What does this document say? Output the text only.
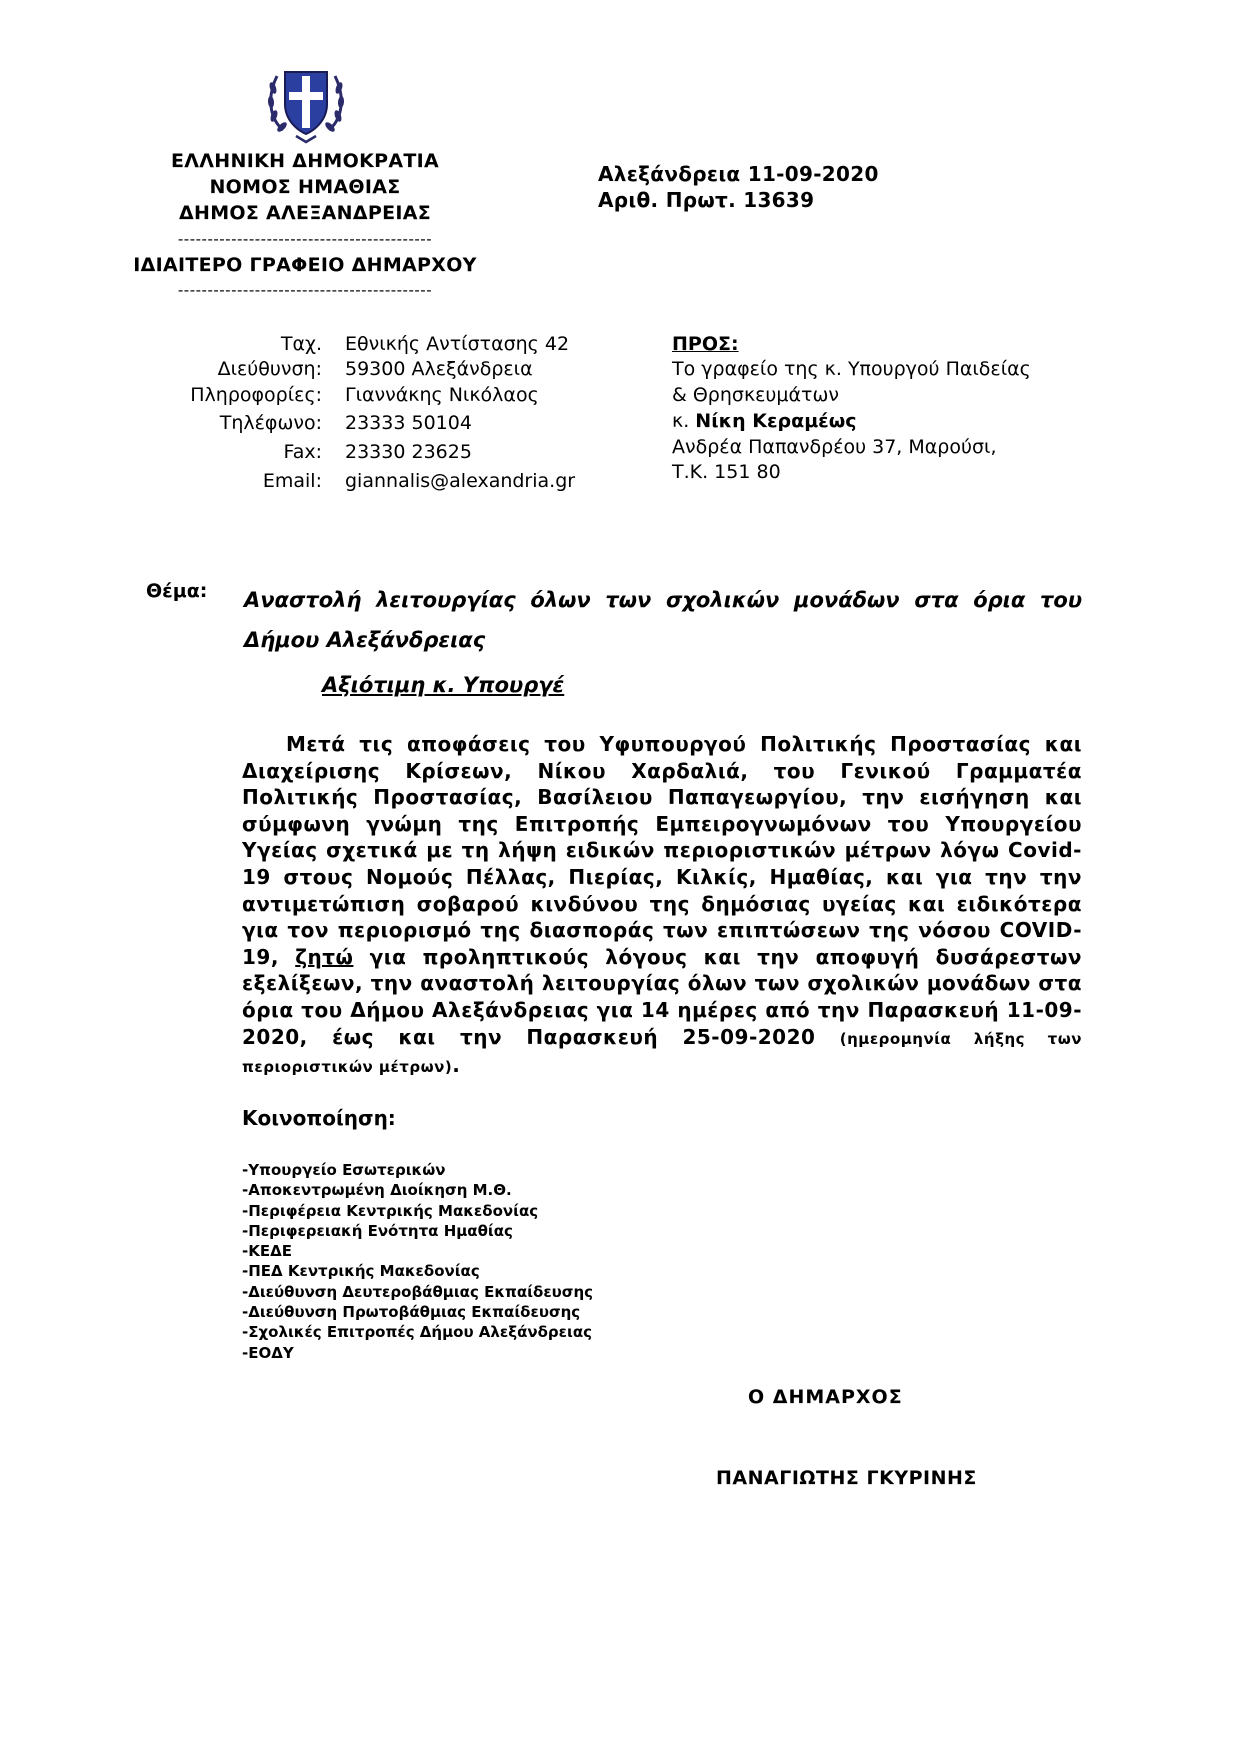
ΕΛΛΗΝΙΚΗ ΔΗΜΟΚΡΑΤΙΑ
ΝΟΜΟΣ ΗΜΑΘΙΑΣ
ΔΗΜΟΣ ΑΛΕΞΑΝΔΡΕΙΑΣ
-------------------------------------------
ΙΔΙΑΙΤΕΡΟ ΓΡΑΦΕΙΟ ΔΗΜΑΡΧΟΥ
-------------------------------------------
Αλεξάνδρεια 11-09-2020
Αριθ. Πρωτ. 13639
Ταχ. Εθνικής Αντίστασης 42
Διεύθυνση: 59300 Αλεξάνδρεια
Πληροφορίες: Γιαννάκης Νικόλαος
Τηλέφωνο: 23333 50104
Fax: 23330 23625
Email: giannalis@alexandria.gr
ΠΡΟΣ:
Το γραφείο της κ. Υπουργού Παιδείας
& Θρησκευμάτων
κ. Νίκη Κεραμέως
Ανδρέα Παπανδρέου 37, Μαρούσι,
Τ.Κ. 151 80
Θέμα: Αναστολή λειτουργίας όλων των σχολικών μονάδων στα όρια του Δήμου Αλεξάνδρειας
Αξιότιμη κ. Υπουργέ
Μετά τις αποφάσεις του Υφυπουργού Πολιτικής Προστασίας και Διαχείρισης Κρίσεων, Νίκου Χαρδαλιά, του Γενικού Γραμματέα Πολιτικής Προστασίας, Βασίλειου Παπαγεωργίου, την εισήγηση και σύμφωνη γνώμη της Επιτροπής Εμπειρογνωμόνων του Υπουργείου Υγείας σχετικά με τη λήψη ειδικών περιοριστικών μέτρων λόγω Covid-19 στους Νομούς Πέλλας, Πιερίας, Κιλκίς, Ημαθίας, και για την την αντιμετώπιση σοβαρού κινδύνου της δημόσιας υγείας και ειδικότερα για τον περιορισμό της διασποράς των επιπτώσεων της νόσου COVID-19, ζητώ για προληπτικούς λόγους και την αποφυγή δυσάρεστων εξελίξεων, την αναστολή λειτουργίας όλων των σχολικών μονάδων στα όρια του Δήμου Αλεξάνδρειας για 14 ημέρες από την Παρασκευή 11-09-2020, έως και την Παρασκευή 25-09-2020 (ημερομηνία λήξης των περιοριστικών μέτρων).
Κοινοποίηση:
-Υπουργείο Εσωτερικών
-Αποκεντρωμένη Διοίκηση Μ.Θ.
-Περιφέρεια Κεντρικής Μακεδονίας
-Περιφερειακή Ενότητα Ημαθίας
-ΚΕΔΕ
-ΠΕΔ Κεντρικής Μακεδονίας
-Διεύθυνση Δευτεροβάθμιας Εκπαίδευσης
-Διεύθυνση Πρωτοβάθμιας Εκπαίδευσης
-Σχολικές Επιτροπές Δήμου Αλεξάνδρειας
-ΕΟΔΥ
Ο ΔΗΜΑΡΧΟΣ
ΠΑΝΑΓΙΩΤΗΣ ΓΚΥΡΙΝΗΣ
